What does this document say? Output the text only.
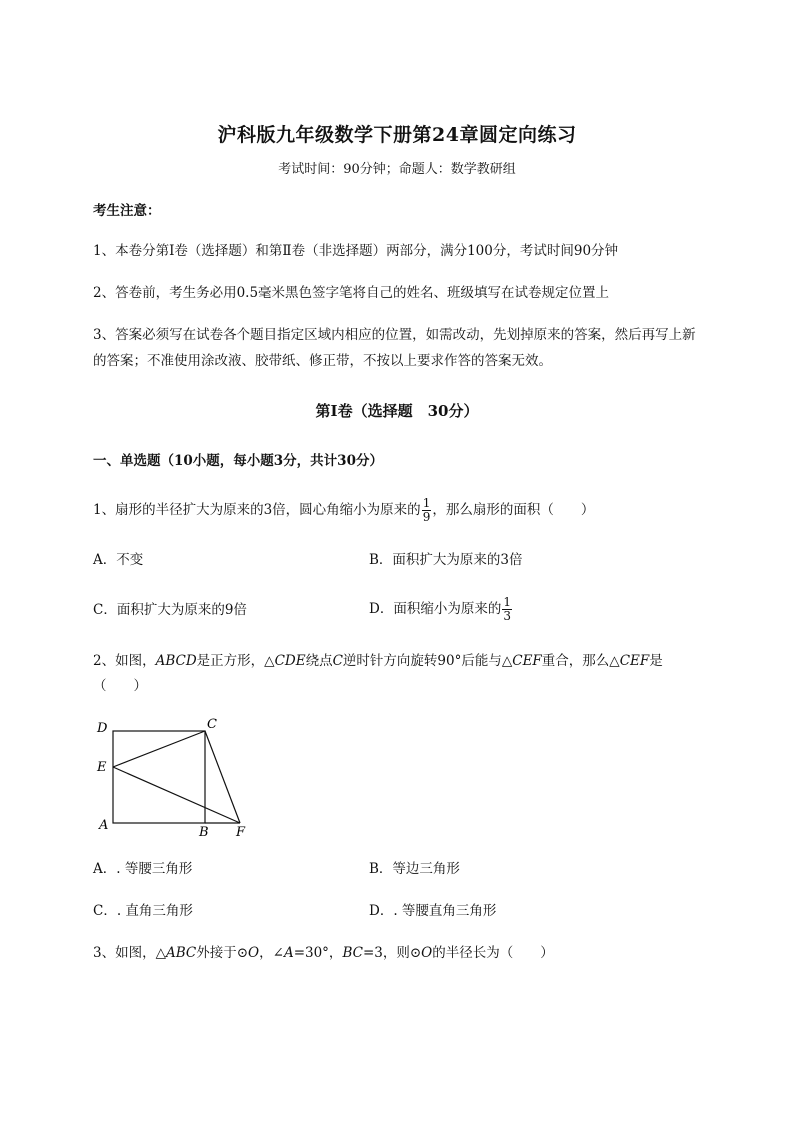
沪科版九年级数学下册第24章圆定向练习
考试时间：90分钟；命题人：数学教研组
考生注意：
1、本卷分第I卷（选择题）和第Ⅱ卷（非选择题）两部分，满分100分，考试时间90分钟
2、答卷前，考生务必用0.5毫米黑色签字笔将自己的姓名、班级填写在试卷规定位置上
3、答案必须写在试卷各个题目指定区域内相应的位置，如需改动，先划掉原来的答案，然后再写上新
的答案；不准使用涂改液、胶带纸、修正带，不按以上要求作答的答案无效。
第I卷（选择题　30分）
一、单选题（10小题，每小题3分，共计30分）
1、扇形的半径扩大为原来的3倍，圆心角缩小为原来的 $\frac{1}{9}$ ，那么扇形的面积（　　）
A．不变	B．面积扩大为原来的3倍
C．面积扩大为原来的9倍	D．面积缩小为原来的 $\frac{1}{3}$
2、如图，ABCD是正方形，△CDE绕点C逆时针方向旋转90°后能与△CEF重合，那么△CEF是
（　　）
D	C
E
A	B F
A．. 等腰三角形	B．等边三角形
C．. 直角三角形	D．. 等腰直角三角形
3、如图，△ABC外接于⊙O，∠A=30°，BC=3，则⊙O的半径长为（　　）
